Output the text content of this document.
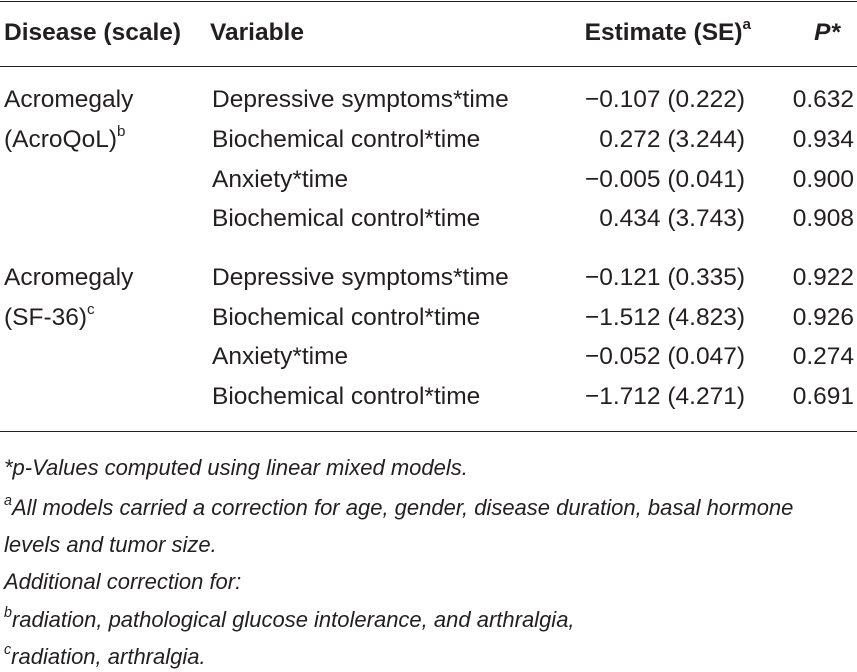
Disease (scale) Variable	Estimate (SE)$^a$	P*
Acromegaly
(AcroQoL)$^b$
Depressive symptoms*time	−0.107 (0.222) 0.632
Biochemical control*time	0.272 (3.244) 0.934
Anxiety*time	−0.005 (0.041) 0.900
Biochemical control*time	0.434 (3.743) 0.908
Acromegaly
$(SF-36)^c$
Depressive symptoms*time	−0.121 (0.335) 0.922
Biochemical control*time	−1.512 (4.823) 0.926
Anxiety*time	−0.052 (0.047) 0.274
Biochemical control*time	−1.712 (4.271) 0.691
*p-Values computed using linear mixed models.
$^a$All models carried a correction for age, gender, disease duration, basal hormone
levels and tumor size.
Additional correction for:
$^b$radiation, pathological glucose intolerance, and arthralgia,
$^c$radiation, arthralgia.
